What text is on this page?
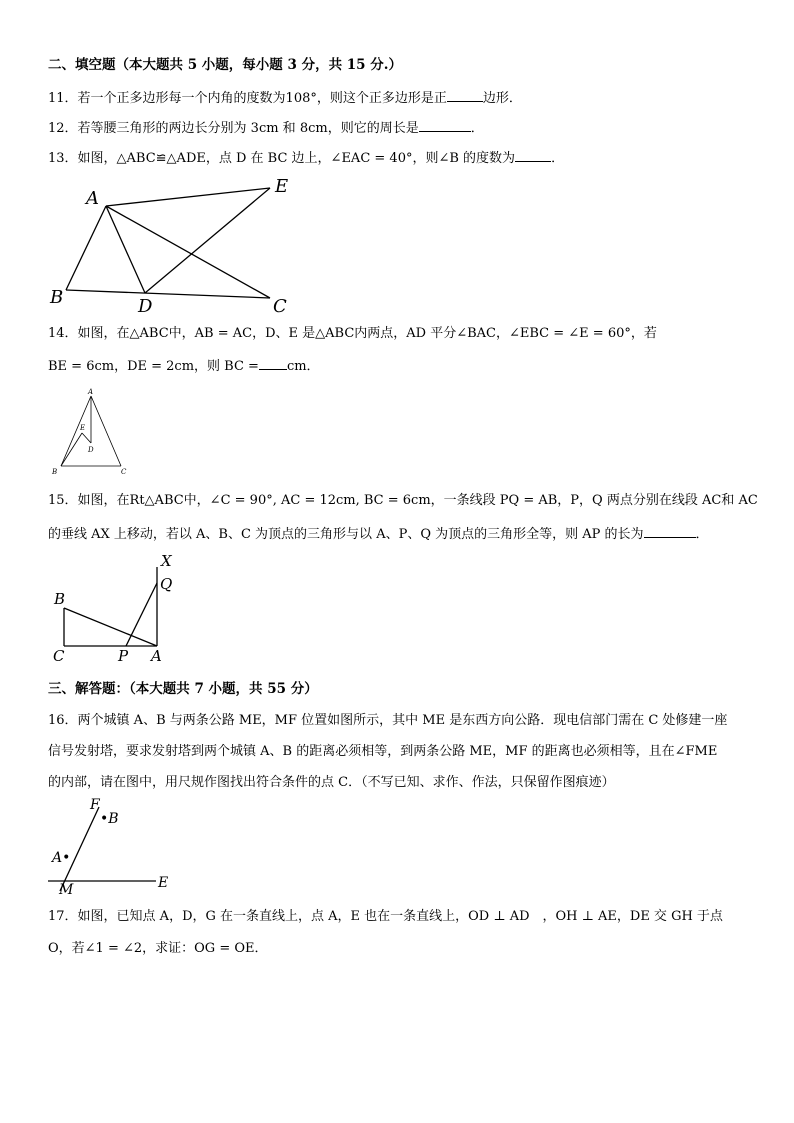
二、填空题（本大题共 5 小题，每小题 3 分，共 15 分.）
11．若一个正多边形每一个内角的度数为108°，则这个正多边形是正	边形．
12．若等腰三角形的两边长分别为 3cm 和 8cm，则它的周长是	．
13．如图，△ABC≌△ADE，点 D 在 BC 边上，∠EAC = 40°，则∠B 的度数为	．
A
E
B	D	C
14．如图，在△ABC中，AB = AC，D、E 是△ABC内两点，AD 平分∠BAC，∠EBC = ∠E = 60°，若
BE = 6cm，DE = 2cm，则 BC = cm．
A
E
D
B	C
15．如图，在Rt△ABC中，∠C = 90°, AC = 12cm, BC = 6cm，一条线段 PQ = AB，P，Q 两点分别在线段 AC和 AC
的垂线 AX 上移动，若以 A、B、C 为顶点的三角形与以 A、P、Q 为顶点的三角形全等，则 AP 的长为	．
X
Q
B
C	P A
三、解答题：（本大题共 7 小题，共 55 分）
16．两个城镇 A、B 与两条公路 ME，MF 位置如图所示，其中 ME 是东西方向公路．现电信部门需在 C 处修建一座
信号发射塔，要求发射塔到两个城镇 A、B 的距离必须相等，到两条公路 ME，MF 的距离也必须相等，且在∠FME
的内部，请在图中，用尺规作图找出符合条件的点 C．（不写已知、求作、作法，只保留作图痕迹）
F
•B
A•
M	E
17．如图，已知点 A，D，G 在一条直线上，点 A，E 也在一条直线上，OD ⊥ AD　，OH ⊥ AE，DE 交 GH 于点
O，若∠1 = ∠2，求证：OG = OE．
